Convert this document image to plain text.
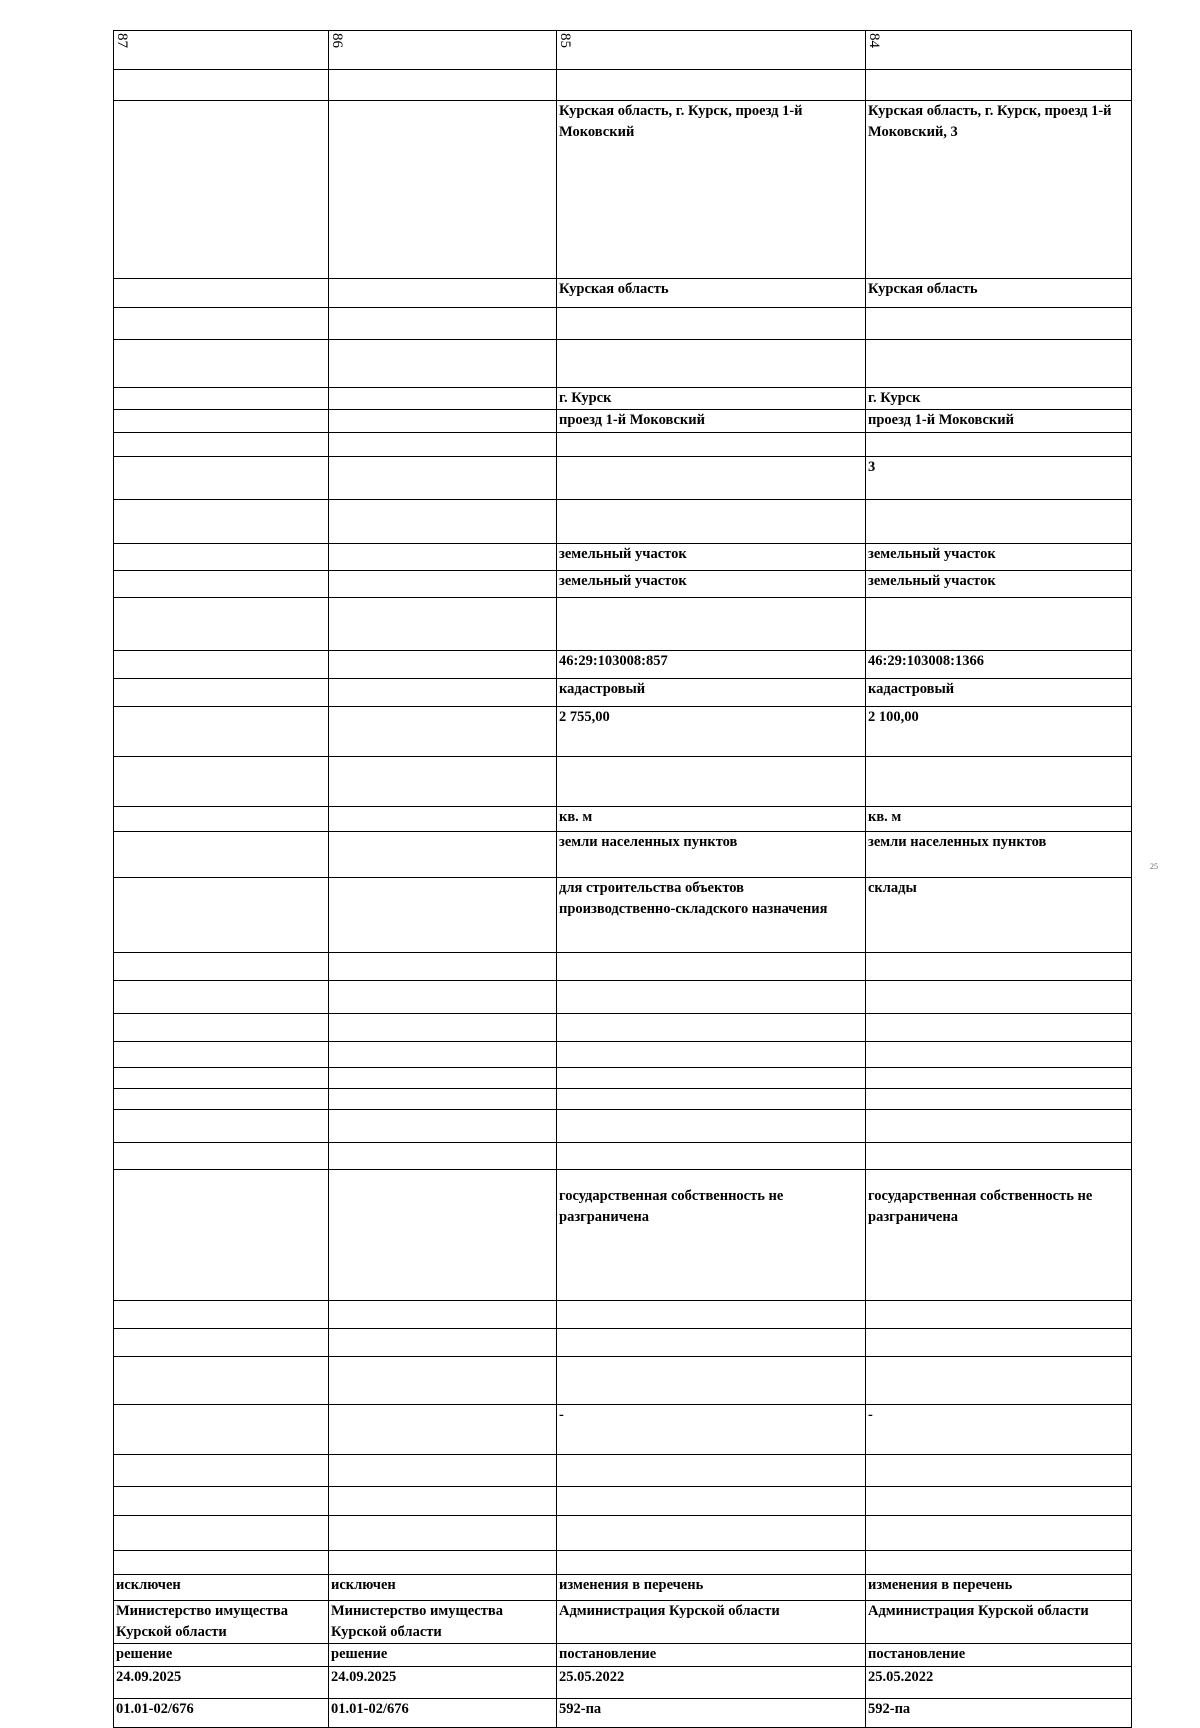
87	86	85	84

		Курская область, г. Курск, проезд 1-й Моковский	Курская область, г. Курск, проезд 1-й Моковский, 3
		Курская область	Курская область

		г. Курск	г. Курск
		проезд 1-й Моковский	проезд 1-й Моковский

			3

		земельный участок	земельный участок
		земельный участок	земельный участок

		46:29:103008:857	46:29:103008:1366
		кадастровый	кадастровый
		2 755,00	2 100,00

		кв. м	кв. м
		земли населенных пунктов	земли населенных пунктов
		для строительства объектов производственно-складского назначения	склады

		государственная собственность не разграничена	государственная собственность не разграничена

		-	-

исключен	исключен	изменения в перечень	изменения в перечень
Министерство имущества Курской области	Министерство имущества Курской области	Администрация Курской области	Администрация Курской области
решение	решение	постановление	постановление
24.09.2025	24.09.2025	25.05.2022	25.05.2022
01.01-02/676	01.01-02/676	592-па	592-па
25
